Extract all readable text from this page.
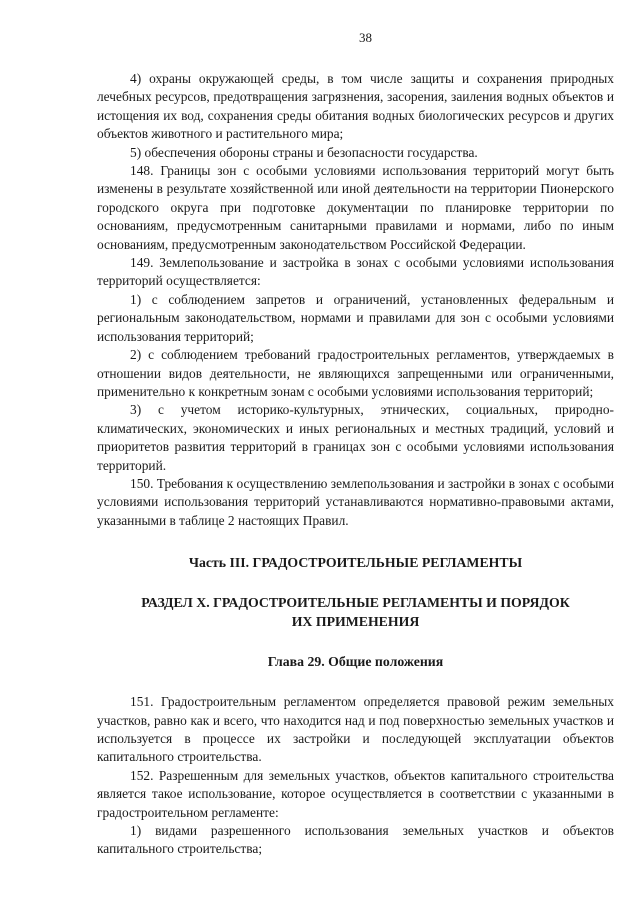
38

4) охраны окружающей среды, в том числе защиты и сохранения природных лечебных ресурсов, предотвращения загрязнения, засорения, заиления водных объектов и истощения их вод, сохранения среды обитания водных биологических ресурсов и других объектов животного и растительного мира;

5) обеспечения обороны страны и безопасности государства.

148. Границы зон с особыми условиями использования территорий могут быть изменены в результате хозяйственной или иной деятельности на территории Пионерского городского округа при подготовке документации по планировке территории по основаниям, предусмотренным санитарными правилами и нормами, либо по иным основаниям, предусмотренным законодательством Российской Федерации.

149. Землепользование и застройка в зонах с особыми условиями использования территорий осуществляется:

1) с соблюдением запретов и ограничений, установленных федеральным и региональным законодательством, нормами и правилами для зон с особыми условиями использования территорий;

2) с соблюдением требований градостроительных регламентов, утверждаемых в отношении видов деятельности, не являющихся запрещенными или ограниченными, применительно к конкретным зонам с особыми условиями использования территорий;

3) с учетом историко-культурных, этнических, социальных, природно-климатических, экономических и иных региональных и местных традиций, условий и приоритетов развития территорий в границах зон с особыми условиями использования территорий.

150. Требования к осуществлению землепользования и застройки в зонах с особыми условиями использования территорий устанавливаются нормативно-правовыми актами, указанными в таблице 2 настоящих Правил.

Часть III. ГРАДОСТРОИТЕЛЬНЫЕ РЕГЛАМЕНТЫ
РАЗДЕЛ X. ГРАДОСТРОИТЕЛЬНЫЕ РЕГЛАМЕНТЫ И ПОРЯДОК
ИХ ПРИМЕНЕНИЯ
Глава 29. Общие положения

151. Градостроительным регламентом определяется правовой режим земельных участков, равно как и всего, что находится над и под поверхностью земельных участков и используется в процессе их застройки и последующей эксплуатации объектов капитального строительства.

152. Разрешенным для земельных участков, объектов капитального строительства является такое использование, которое осуществляется в соответствии с указанными в градостроительном регламенте:

1) видами разрешенного использования земельных участков и объектов капитального строительства;
